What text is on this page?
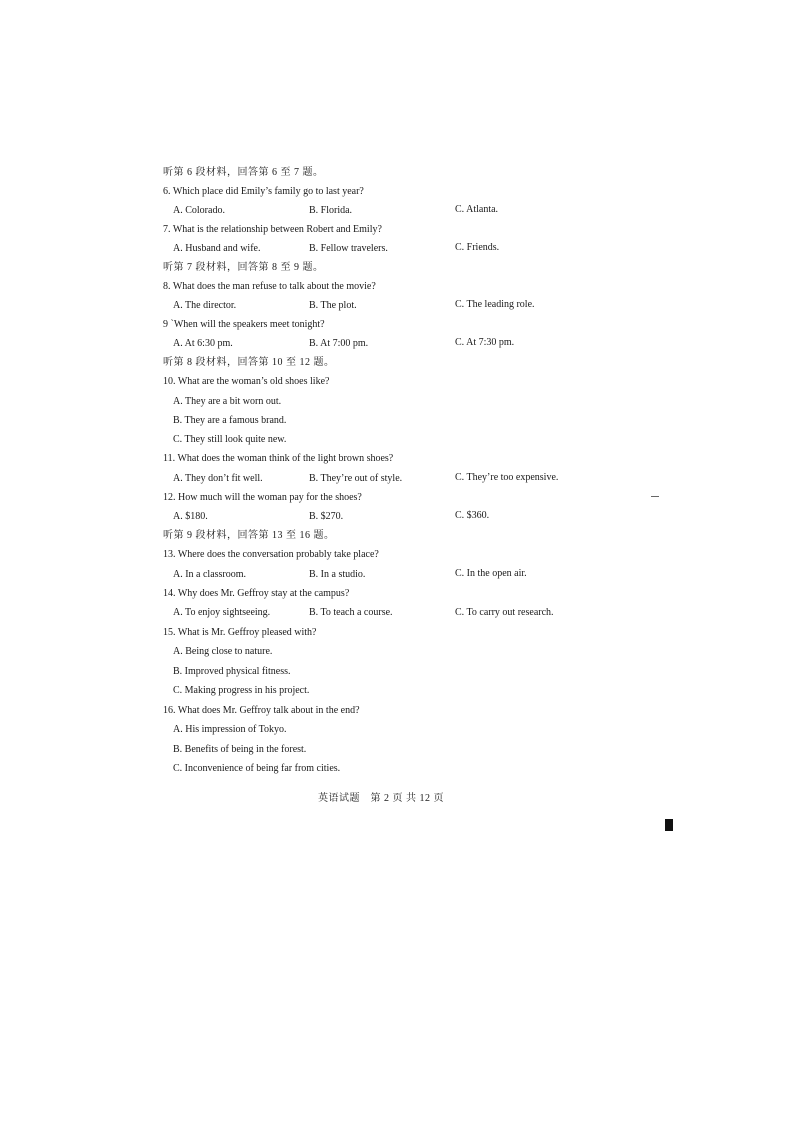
听第 6 段材料，回答第 6 至 7 题。
6. Which place did Emily’s family go to last year?
A. Colorado.	B. Florida.	C. Atlanta.
7. What is the relationship between Robert and Emily?
A. Husband and wife.	B. Fellow travelers.	C. Friends.
听第 7 段材料，回答第 8 至 9 题。
8. What does the man refuse to talk about the movie?
A. The director.	B. The plot.	C. The leading role.
9 `When will the speakers meet tonight?
A. At 6:30 pm.	B. At 7:00 pm.	C. At 7:30 pm.
听第 8 段材料，回答第 10 至 12 题。
10. What are the woman’s old shoes like?
A. They are a bit worn out.
B. They are a famous brand.
C. They still look quite new.
11. What does the woman think of the light brown shoes?
A. They don’t fit well.	B. They’re out of style.	C. They’re too expensive.
12. How much will the woman pay for the shoes?
A. $180.	B. $270.	C. $360.
听第 9 段材料，回答第 13 至 16 题。
13. Where does the conversation probably take place?
A. In a classroom.	B. In a studio.	C. In the open air.
14. Why does Mr. Geffroy stay at the campus?
A. To enjoy sightseeing.	B. To teach a course.	C. To carry out research.
15. What is Mr. Geffroy pleased with?
A. Being close to nature.
B. Improved physical fitness.
C. Making progress in his project.
16. What does Mr. Geffroy talk about in the end?
A. His impression of Tokyo.
B. Benefits of being in the forest.
C. Inconvenience of being far from cities.
英语试题　第 2 页 共 12 页
